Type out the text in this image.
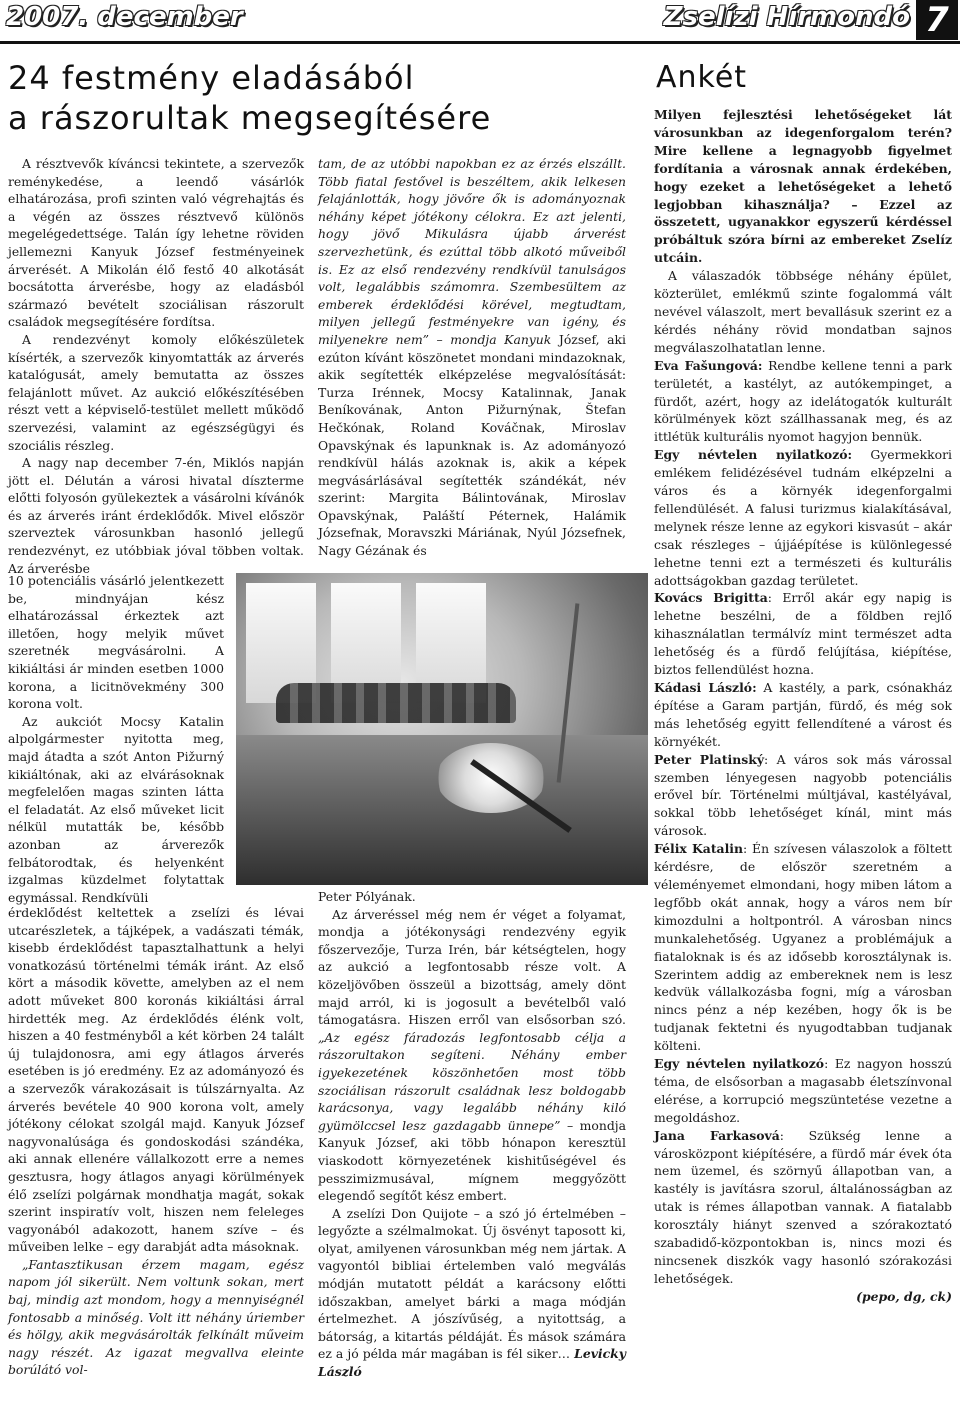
2007. december	Zselízi Hírmondó 7
24 festmény eladásából
a rászorultak megsegítésére

A résztvevők kíváncsi tekintete, a szervezők reménykedése, a leendő vásárlók elhatározása, profi szinten való végrehajtás és a végén az összes résztvevő különös megelégedettsége. Talán így lehetne röviden jellemezni Kanyuk József festményeinek árverését. A Mikolán élő festő 40 alkotását bocsátotta árverésbe, hogy az eladásból származó bevételt szociálisan rászorult családok megsegítésére fordítsa.

A rendezvényt komoly előkészületek kísérték, a szervezők kinyomtatták az árverés katalógusát, amely bemutatta az összes felajánlott művet. Az aukció előkészítésében részt vett a képviselő-testület mellett működő szervezési, valamint az egészségügyi és szociális részleg.

A nagy nap december 7-én, Miklós napján jött el. Délután a városi hivatal díszterme előtti folyosón gyülekeztek a vásárolni kívánók és az árverés iránt érdeklődők. Mivel először szerveztek városunkban hasonló jellegű rendezvényt, ez utóbbiak jóval többen voltak. Az árverésbe

10 potenciális vásárló jelentkezett be, mindnyájan kész elhatározással érkeztek azt illetően, hogy melyik művet szeretnék megvásárolni. A kikiáltási ár minden esetben 1000 korona, a licitnövekmény 300 korona volt.

Az aukciót Mocsy Katalin alpolgármester nyitotta meg, majd átadta a szót Anton Pižurný kikiáltónak, aki az elvárásoknak megfelelően magas szinten látta el feladatát. Az első műveket licit nélkül mutatták be, később azonban az árverezők felbátorodtak, és helyenként izgalmas küzdelmet folytattak egymással. Rendkívüli

érdeklődést keltettek a zselízi és lévai utcarészletek, a tájképek, a vadászati témák, kisebb érdeklődést tapasztalhattunk a helyi vonatkozású történelmi témák iránt. Az első kört a második követte, amelyben az el nem adott műveket 800 koronás kikiáltási árral hirdették meg. Az érdeklődés élénk volt, hiszen a 40 festményből a két körben 24 talált új tulajdonosra, ami egy átlagos árverés esetében is jó eredmény. Ez az adományozó és a szervezők várakozásait is túlszárnyalta. Az árverés bevétele 40 900 korona volt, amely jótékony célokat szolgál majd. Kanyuk József nagyvonalúsága és gondoskodási szándéka, aki annak ellenére vállalkozott erre a nemes gesztusra, hogy átlagos anyagi körülmények élő zselízi polgárnak mondhatja magát, sokak szerint inspiratív volt, hiszen nem feleleges vagyonából adakozott, hanem szíve – és műveiben lelke – egy darabját adta másoknak.

„Fantasztikusan érzem magam, egész napom jól sikerült. Nem voltunk sokan, mert baj, mindig azt mondom, hogy a mennyiségnél fontosabb a minőség. Volt itt néhány úriember és hölgy, akik megvásárolták felkínált műveim nagy részét. Az igazat megvallva eleinte borúlátó vol-

tam, de az utóbbi napokban ez az érzés elszállt. Több fiatal festővel is beszéltem, akik lelkesen felajánlották, hogy jövőre ők is adományoznak néhány képet jótékony célokra. Ez azt jelenti, hogy jövő Mikulásra újabb árverést szervezhetünk, és ezúttal több alkotó műveiből is. Ez az első rendezvény rendkívül tanulságos volt, legalábbis számomra. Szembesültem az emberek érdeklődési körével, megtudtam, milyen jellegű festményekre van igény, és milyenekre nem” – mondja Kanyuk József, aki ezúton kívánt köszönetet mondani mindazoknak, akik segítették elképzelése megvalósítását: Turza Irénnek, Mocsy Katalinnak, Janak Beníkovának, Anton Pižurnýnak, Štefan Hečkónak, Roland Kováčnak, Miroslav Opavskýnak és lapunknak is. Az adományozó rendkívül hálás azoknak is, akik a képek megvásárlásával segítették szándékát, név szerint: Margita Bálintovának, Miroslav Opavskýnak, Paláští Péternek, Halámik Józsefnak, Moravszki Máriának, Nyúl Józsefnek, Nagy Gézának és

Peter Pólyának.

Az árveréssel még nem ér véget a folyamat, mondja a jótékonysági rendezvény egyik főszervezője, Turza Irén, bár kétségtelen, hogy az aukció a legfontosabb része volt. A közeljövőben összeül a bizottság, amely dönt majd arról, ki is jogosult a bevételből való támogatásra. Hiszen erről van elsősorban szó. „Az egész fáradozás legfontosabb célja a rászorultakon segíteni. Néhány ember igyekezetének köszönhetően most több szociálisan rászorult családnak lesz boldogabb karácsonya, vagy legalább néhány kiló gyümölccsel lesz gazdagabb ünnepe” – mondja Kanyuk József, aki több hónapon keresztül viaskodott környezetének kishitűségével és pesszimizmusával, mígnem meggyőzött elegendő segítőt kész embert.

A zselízi Don Quijote – a szó jó értelmében – legyőzte a szélmalmokat. Új ösvényt taposott ki, olyat, amilyenen városunkban még nem jártak. A vagyontól bibliai értelemben való megválás módján mutatott példát a karácsony előtti időszakban, amelyet bárki a maga módján értelmezhet. A jószívűség, a nyitottság, a bátorság, a kitartás példáját. És mások számára ez a jó példa már magában is fél siker… Levicky László

Ankét

Milyen fejlesztési lehetőségeket lát városunkban az idegenforgalom terén? Mire kellene a legnagyobb figyelmet fordítania a városnak annak érdekében, hogy ezeket a lehetőségeket a lehető legjobban kihasználja? – Ezzel az összetett, ugyanakkor egyszerű kérdéssel próbáltuk szóra bírni az embereket Zselíz utcáin.

A válaszadók többsége néhány épület, közterület, emlékmű szinte fogalommá vált nevével válaszolt, mert bevallásuk szerint ez a kérdés néhány rövid mondatban sajnos megválaszolhatatlan lenne.

Eva Fašungová: Rendbe kellene tenni a park területét, a kastélyt, az autókempinget, a fürdőt, azért, hogy az idelátogatók kulturált körülmények közt szállhassanak meg, és az ittlétük kulturális nyomot hagyjon bennük.

Egy névtelen nyilatkozó: Gyermekkori emlékem felidézésével tudnám elképzelni a város és a környék idegenforgalmi fellendülését. A falusi turizmus kialakításával, melynek része lenne az egykori kisvasút – akár csak részleges – újjáépítése is különlegessé lehetne tenni ezt a természeti és kulturális adottságokban gazdag területet.

Kovács Brigitta: Erről akár egy napig is lehetne beszélni, de a földben rejlő kihasználatlan termálvíz mint természet adta lehetőség és a fürdő felújítása, kiépítése, biztos fellendülést hozna.

Kádasi László: A kastély, a park, csónakház építése a Garam partján, fürdő, és még sok más lehetőség egyitt fellendítené a várost és környékét.

Peter Platinský: A város sok más várossal szemben lényegesen nagyobb potenciális erővel bír. Történelmi múltjával, kastélyával, sokkal több lehetőséget kínál, mint más városok.

Félix Katalin: Én szívesen válaszolok a föltett kérdésre, de először szeretném a véleményemet elmondani, hogy miben látom a legfőbb okát annak, hogy a város nem bír kimozdulni a holtpontról. A városban nincs munkalehetőség. Ugyanez a problémájuk a fiataloknak is és az idősebb korosztálynak is. Szerintem addig az embereknek nem is lesz kedvük vállalkozásba fogni, míg a városban nincs pénz a nép kezében, hogy ők is be tudjanak fektetni és nyugodtabban tudjanak költeni.

Egy névtelen nyilatkozó: Ez nagyon hosszú téma, de elsősorban a magasabb életszínvonal elérése, a korrupció megszüntetése vezetne a megoldáshoz.

Jana Farkasová: Szükség lenne a városközpont kiépítésére, a fürdő már évek óta nem üzemel, és szörnyű állapotban van, a kastély is javításra szorul, általánosságban az utak is rémes állapotban vannak. A fiatalabb korosztály hiányt szenved a szórakoztató szabadidő-központokban is, nincs mozi és nincsenek diszkók vagy hasonló szórakozási lehetőségek.

(pepo, dg, ck)
